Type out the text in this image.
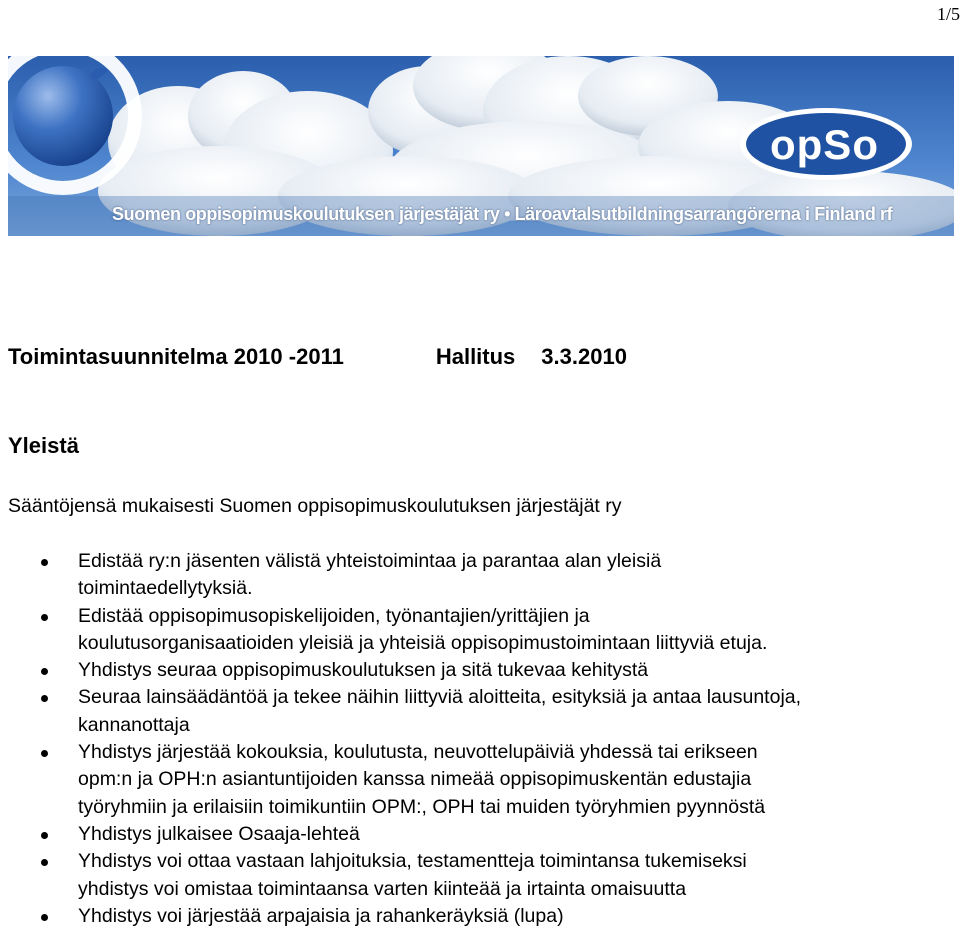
1/5
opSo
Suomen oppisopimuskoulutuksen järjestäjät ry • Läroavtalsutbildningsarrangörerna i Finland rf
Toimintasuunnitelma 2010 -2011	Hallitus 3.3.2010
Yleistä
Sääntöjensä mukaisesti Suomen oppisopimuskoulutuksen järjestäjät ry
Edistää ry:n jäsenten välistä yhteistoimintaa ja parantaa alan yleisiä
toimintaedellytyksiä.
Edistää oppisopimusopiskelijoiden, työnantajien/yrittäjien ja
koulutusorganisaatioiden yleisiä ja yhteisiä oppisopimustoimintaan liittyviä etuja.
Yhdistys seuraa oppisopimuskoulutuksen ja sitä tukevaa kehitystä
Seuraa lainsäädäntöä ja tekee näihin liittyviä aloitteita, esityksiä ja antaa lausuntoja,
kannanottaja
Yhdistys järjestää kokouksia, koulutusta, neuvottelupäiviä yhdessä tai erikseen
opm:n ja OPH:n asiantuntijoiden kanssa nimeää oppisopimuskentän edustajia
työryhmiin ja erilaisiin toimikuntiin OPM:, OPH tai muiden työryhmien pyynnöstä
Yhdistys julkaisee Osaaja-lehteä
Yhdistys voi ottaa vastaan lahjoituksia, testamentteja toimintansa tukemiseksi
yhdistys voi omistaa toimintaansa varten kiinteää ja irtainta omaisuutta
Yhdistys voi järjestää arpajaisia ja rahankeräyksiä (lupa)
